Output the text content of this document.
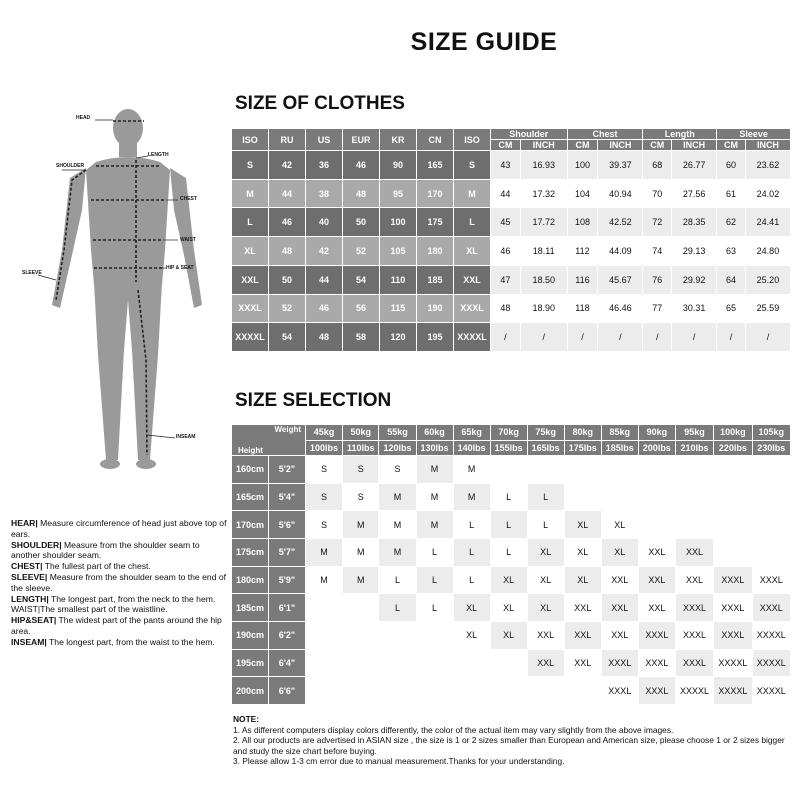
SIZE GUIDE
SIZE OF CLOTHES
SIZE SELECTION
HEAD
LENGTH
SHOULDER
CHEST
WAIST
HIP & SEAT
SLEEVE
INSEAM
HEAR| Measure circumference of head just above top of ears.
SHOULDER| Measure from the shoulder seam to another shoulder seam.
CHEST| The fullest part of the chest.
SLEEVE| Measure from the shoulder seam to the end of the sleeve.
LENGTH| The longest part, from the neck to the hem.
WAIST|The smallest part of the waistline.
HIP&SEAT| The widest part of the pants around the hip area.
INSEAM| The longest part, from the waist to the hem.
ISO	RU	US	EUR	KR	CN	ISO	Shoulder		Chest		Length		Sleeve	
							CM	INCH	CM	INCH	CM	INCH	CM	INCH
S	42	36	46	90	165	S	43	16.93	100	39.37	68	26.77	60	23.62
M	44	38	48	95	170	M	44	17.32	104	40.94	70	27.56	61	24.02
L	46	40	50	100	175	L	45	17.72	108	42.52	72	28.35	62	24.41
XL	48	42	52	105	180	XL	46	18.11	112	44.09	74	29.13	63	24.80
XXL	50	44	54	110	185	XXL	47	18.50	116	45.67	76	29.92	64	25.20
XXXL	52	46	56	115	190	XXXL	48	18.90	118	46.46	77	30.31	65	25.59
XXXXL	54	48	58	120	195	XXXXL	/	/	/	/	/	/	/	/
Weight
Height		45kg	50kg	55kg	60kg	65kg	70kg	75kg	80kg	85kg	90kg	95kg	100kg	105kg
		100lbs	110lbs	120lbs	130lbs	140lbs	155lbs	165lbs	175lbs	185lbs	200lbs	210lbs	220lbs	230lbs
160cm	5'2"	S	S	S	M	M								
165cm	5'4"	S	S	M	M	M	L	L						
170cm	5'6"	S	M	M	M	L	L	L	XL	XL				
175cm	5'7"	M	M	M	L	L	L	XL	XL	XL	XXL	XXL		
180cm	5'9"	M	M	L	L	L	XL	XL	XL	XXL	XXL	XXL	XXXL	XXXL
185cm	6'1"			L	L	XL	XL	XL	XXL	XXL	XXL	XXXL	XXXL	XXXL
190cm	6'2"					XL	XL	XXL	XXL	XXL	XXXL	XXXL	XXXL	XXXXL
195cm	6'4"							XXL	XXL	XXXL	XXXL	XXXL	XXXXL	XXXXL
200cm	6'6"									XXXL	XXXL	XXXXL	XXXXL	XXXXL
NOTE:
1. As different computers display colors differently, the color of the actual item may vary slightly from the above images.
2. All our products are advertised in ASIAN size , the size is 1 or 2 sizes smaller than European and American size, please choose 1 or 2 sizes bigger and study the size chart before buying.
3. Please allow 1-3 cm error due to manual measurement.Thanks for your understanding.
